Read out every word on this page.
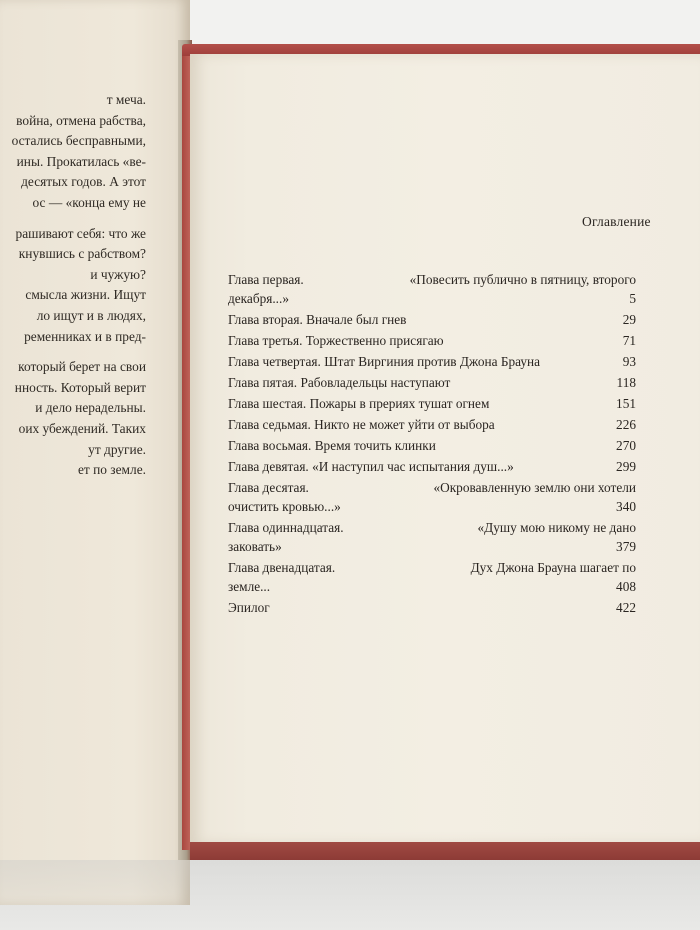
т меча.
война, отмена рабства,
остались бесправными,
ины. Прокатилась «ве-
десятых годов. А этот
ос — «конца ему не

рашивают себя: что же
кнувшись с рабством?
и чужую?
смысла жизни. Ищут
ло ищут и в людях,
ременниках и в пред-

который берет на свои
нность. Который верит
и дело нерадельны.
оих убеждений. Таких
ут другие.
ет по земле.
Оглавление
Глава первая.	«Повесить публично в пятницу, второго
декабря...»	5
Глава вторая. Вначале был гнев	29
Глава третья. Торжественно присягаю	71
Глава четвертая. Штат Виргиния против Джона Брауна	93
Глава пятая. Рабовладельцы наступают	118
Глава шестая. Пожары в прериях тушат огнем	151
Глава седьмая. Никто не может уйти от выбора	226
Глава восьмая. Время точить клинки	270
Глава девятая. «И наступил час испытания душ...»	299
Глава десятая.	«Окровавленную землю они хотели
очистить кровью...»	340
Глава одиннадцатая.	«Душу мою никому не дано
заковать»	379
Глава двенадцатая.	Дух Джона Брауна шагает по
земле...	408
Эпилог	422
